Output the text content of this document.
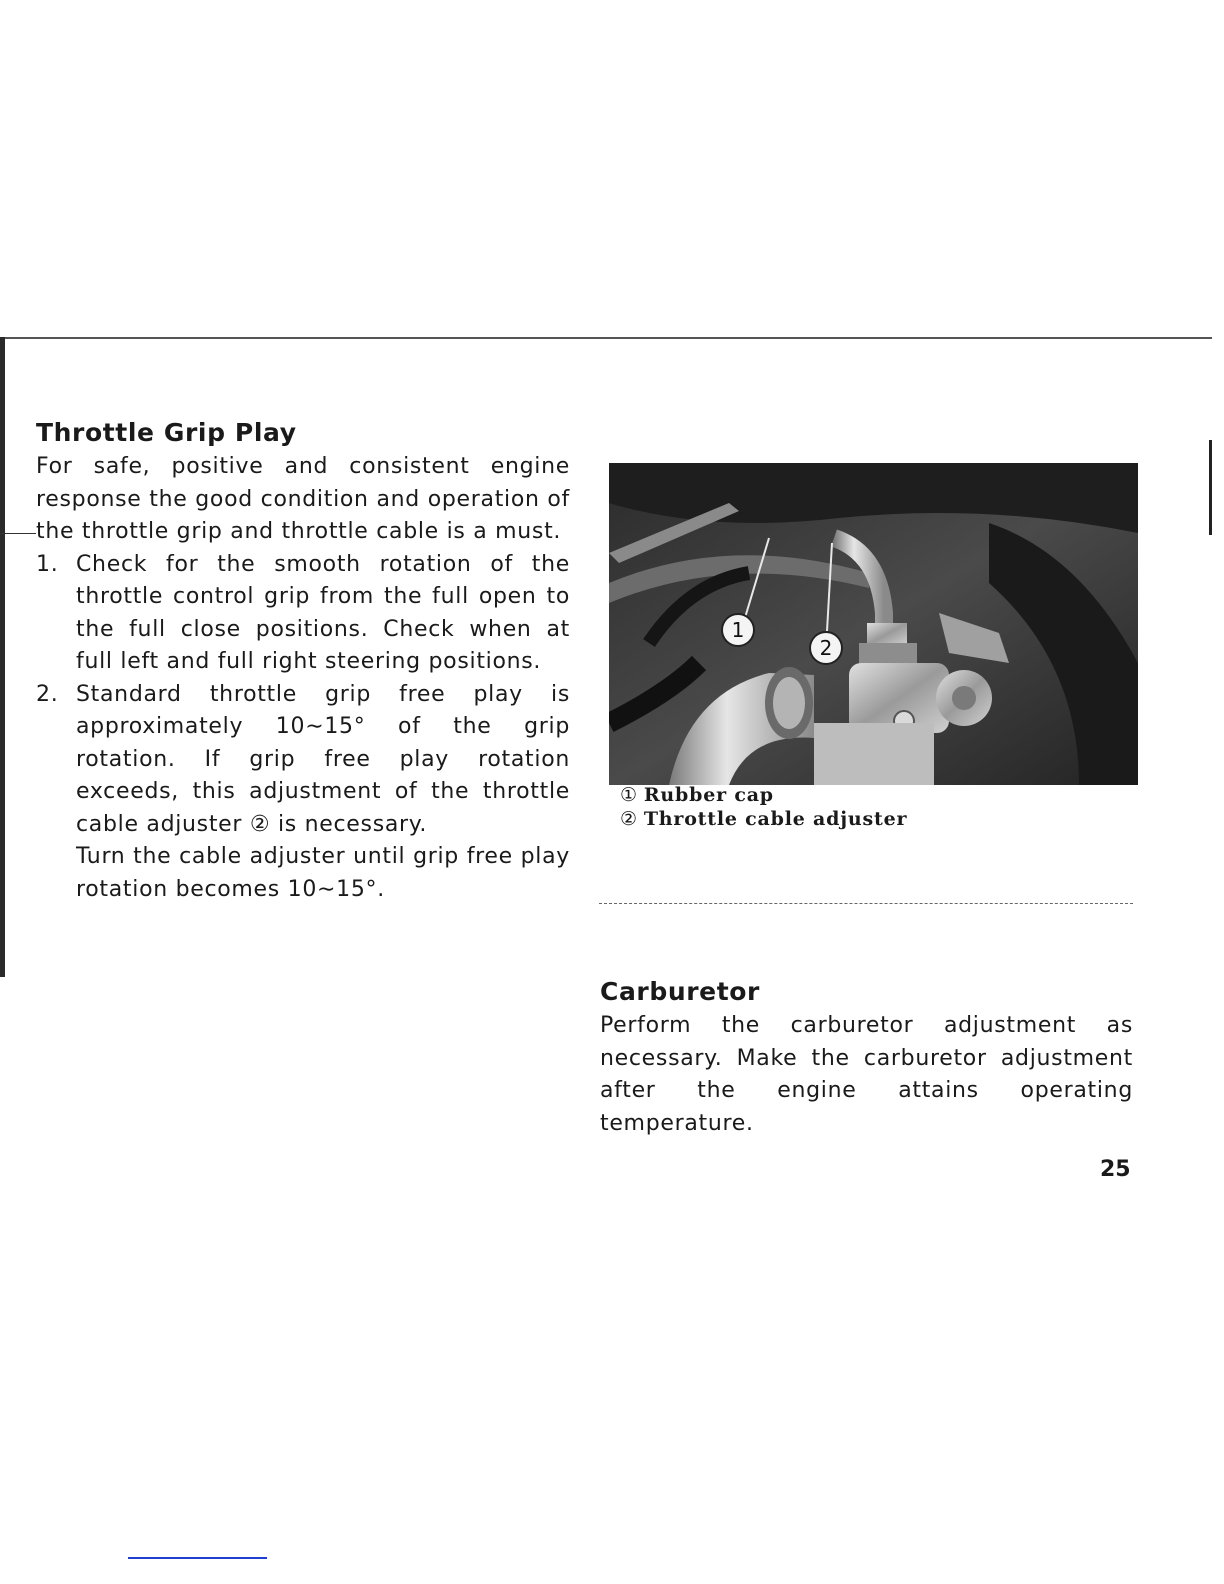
Throttle Grip Play

For safe, positive and consistent engine response the good condition and operation of the throttle grip and throttle cable is a must.

1. Check for the smooth rotation of the throttle control grip from the full open to the full close positions. Check when at full left and full right steering positions.

2. Standard throttle grip free play is approximately 10∼15° of the grip rotation. If grip free play rotation exceeds, this adjustment of the throttle cable adjuster ② is necessary.

Turn the cable adjuster until grip free play rotation becomes 10∼15°.

1
2
① Rubber cap
② Throttle cable adjuster
Carburetor

Perform the carburetor adjustment as necessary. Make the carburetor adjustment after the engine attains operating temperature.

25
